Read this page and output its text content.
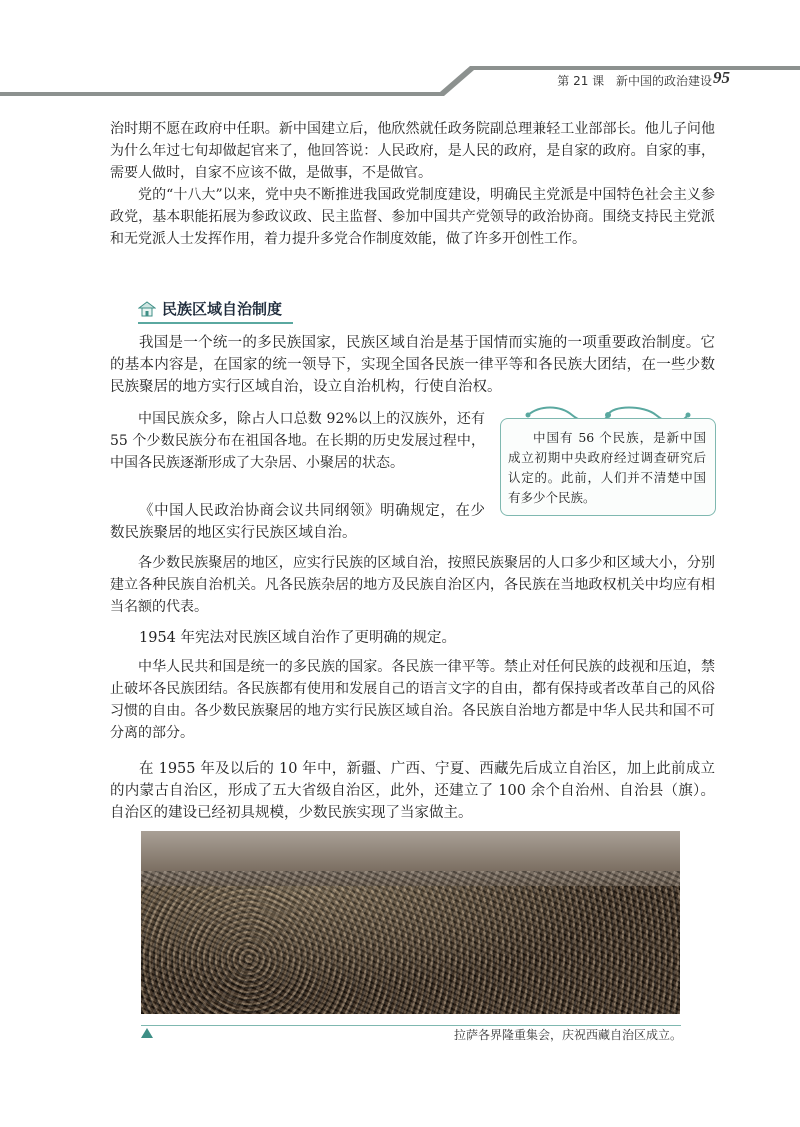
第 21 课 新中国的政治建设 95

治时期不愿在政府中任职。新中国建立后，他欣然就任政务院副总理兼轻工业部部长。他儿子问他为什么年过七旬却做起官来了，他回答说：人民政府，是人民的政府，是自家的政府。自家的事，需要人做时，自家不应该不做，是做事，不是做官。

党的“十八大”以来，党中央不断推进我国政党制度建设，明确民主党派是中国特色社会主义参政党，基本职能拓展为参政议政、民主监督、参加中国共产党领导的政治协商。围绕支持民主党派和无党派人士发挥作用，着力提升多党合作制度效能，做了许多开创性工作。

民族区域自治制度

我国是一个统一的多民族国家，民族区域自治是基于国情而实施的一项重要政治制度。它的基本内容是，在国家的统一领导下，实现全国各民族一律平等和各民族大团结，在一些少数民族聚居的地方实行区域自治，设立自治机构，行使自治权。

中国民族众多，除占人口总数 92%以上的汉族外，还有 55 个少数民族分布在祖国各地。在长期的历史发展过程中，中国各民族逐渐形成了大杂居、小聚居的状态。

《中国人民政治协商会议共同纲领》明确规定，在少数民族聚居的地区实行民族区域自治。

中国有 56 个民族，是新中国成立初期中央政府经过调查研究后认定的。此前，人们并不清楚中国有多少个民族。

各少数民族聚居的地区，应实行民族的区域自治，按照民族聚居的人口多少和区域大小，分别建立各种民族自治机关。凡各民族杂居的地方及民族自治区内，各民族在当地政权机关中均应有相当名额的代表。

1954 年宪法对民族区域自治作了更明确的规定。

中华人民共和国是统一的多民族的国家。各民族一律平等。禁止对任何民族的歧视和压迫，禁止破坏各民族团结。各民族都有使用和发展自己的语言文字的自由，都有保持或者改革自己的风俗习惯的自由。各少数民族聚居的地方实行民族区域自治。各民族自治地方都是中华人民共和国不可分离的部分。

在 1955 年及以后的 10 年中，新疆、广西、宁夏、西藏先后成立自治区，加上此前成立的内蒙古自治区，形成了五大省级自治区，此外，还建立了 100 余个自治州、自治县（旗）。自治区的建设已经初具规模，少数民族实现了当家做主。

拉萨各界隆重集会，庆祝西藏自治区成立。
